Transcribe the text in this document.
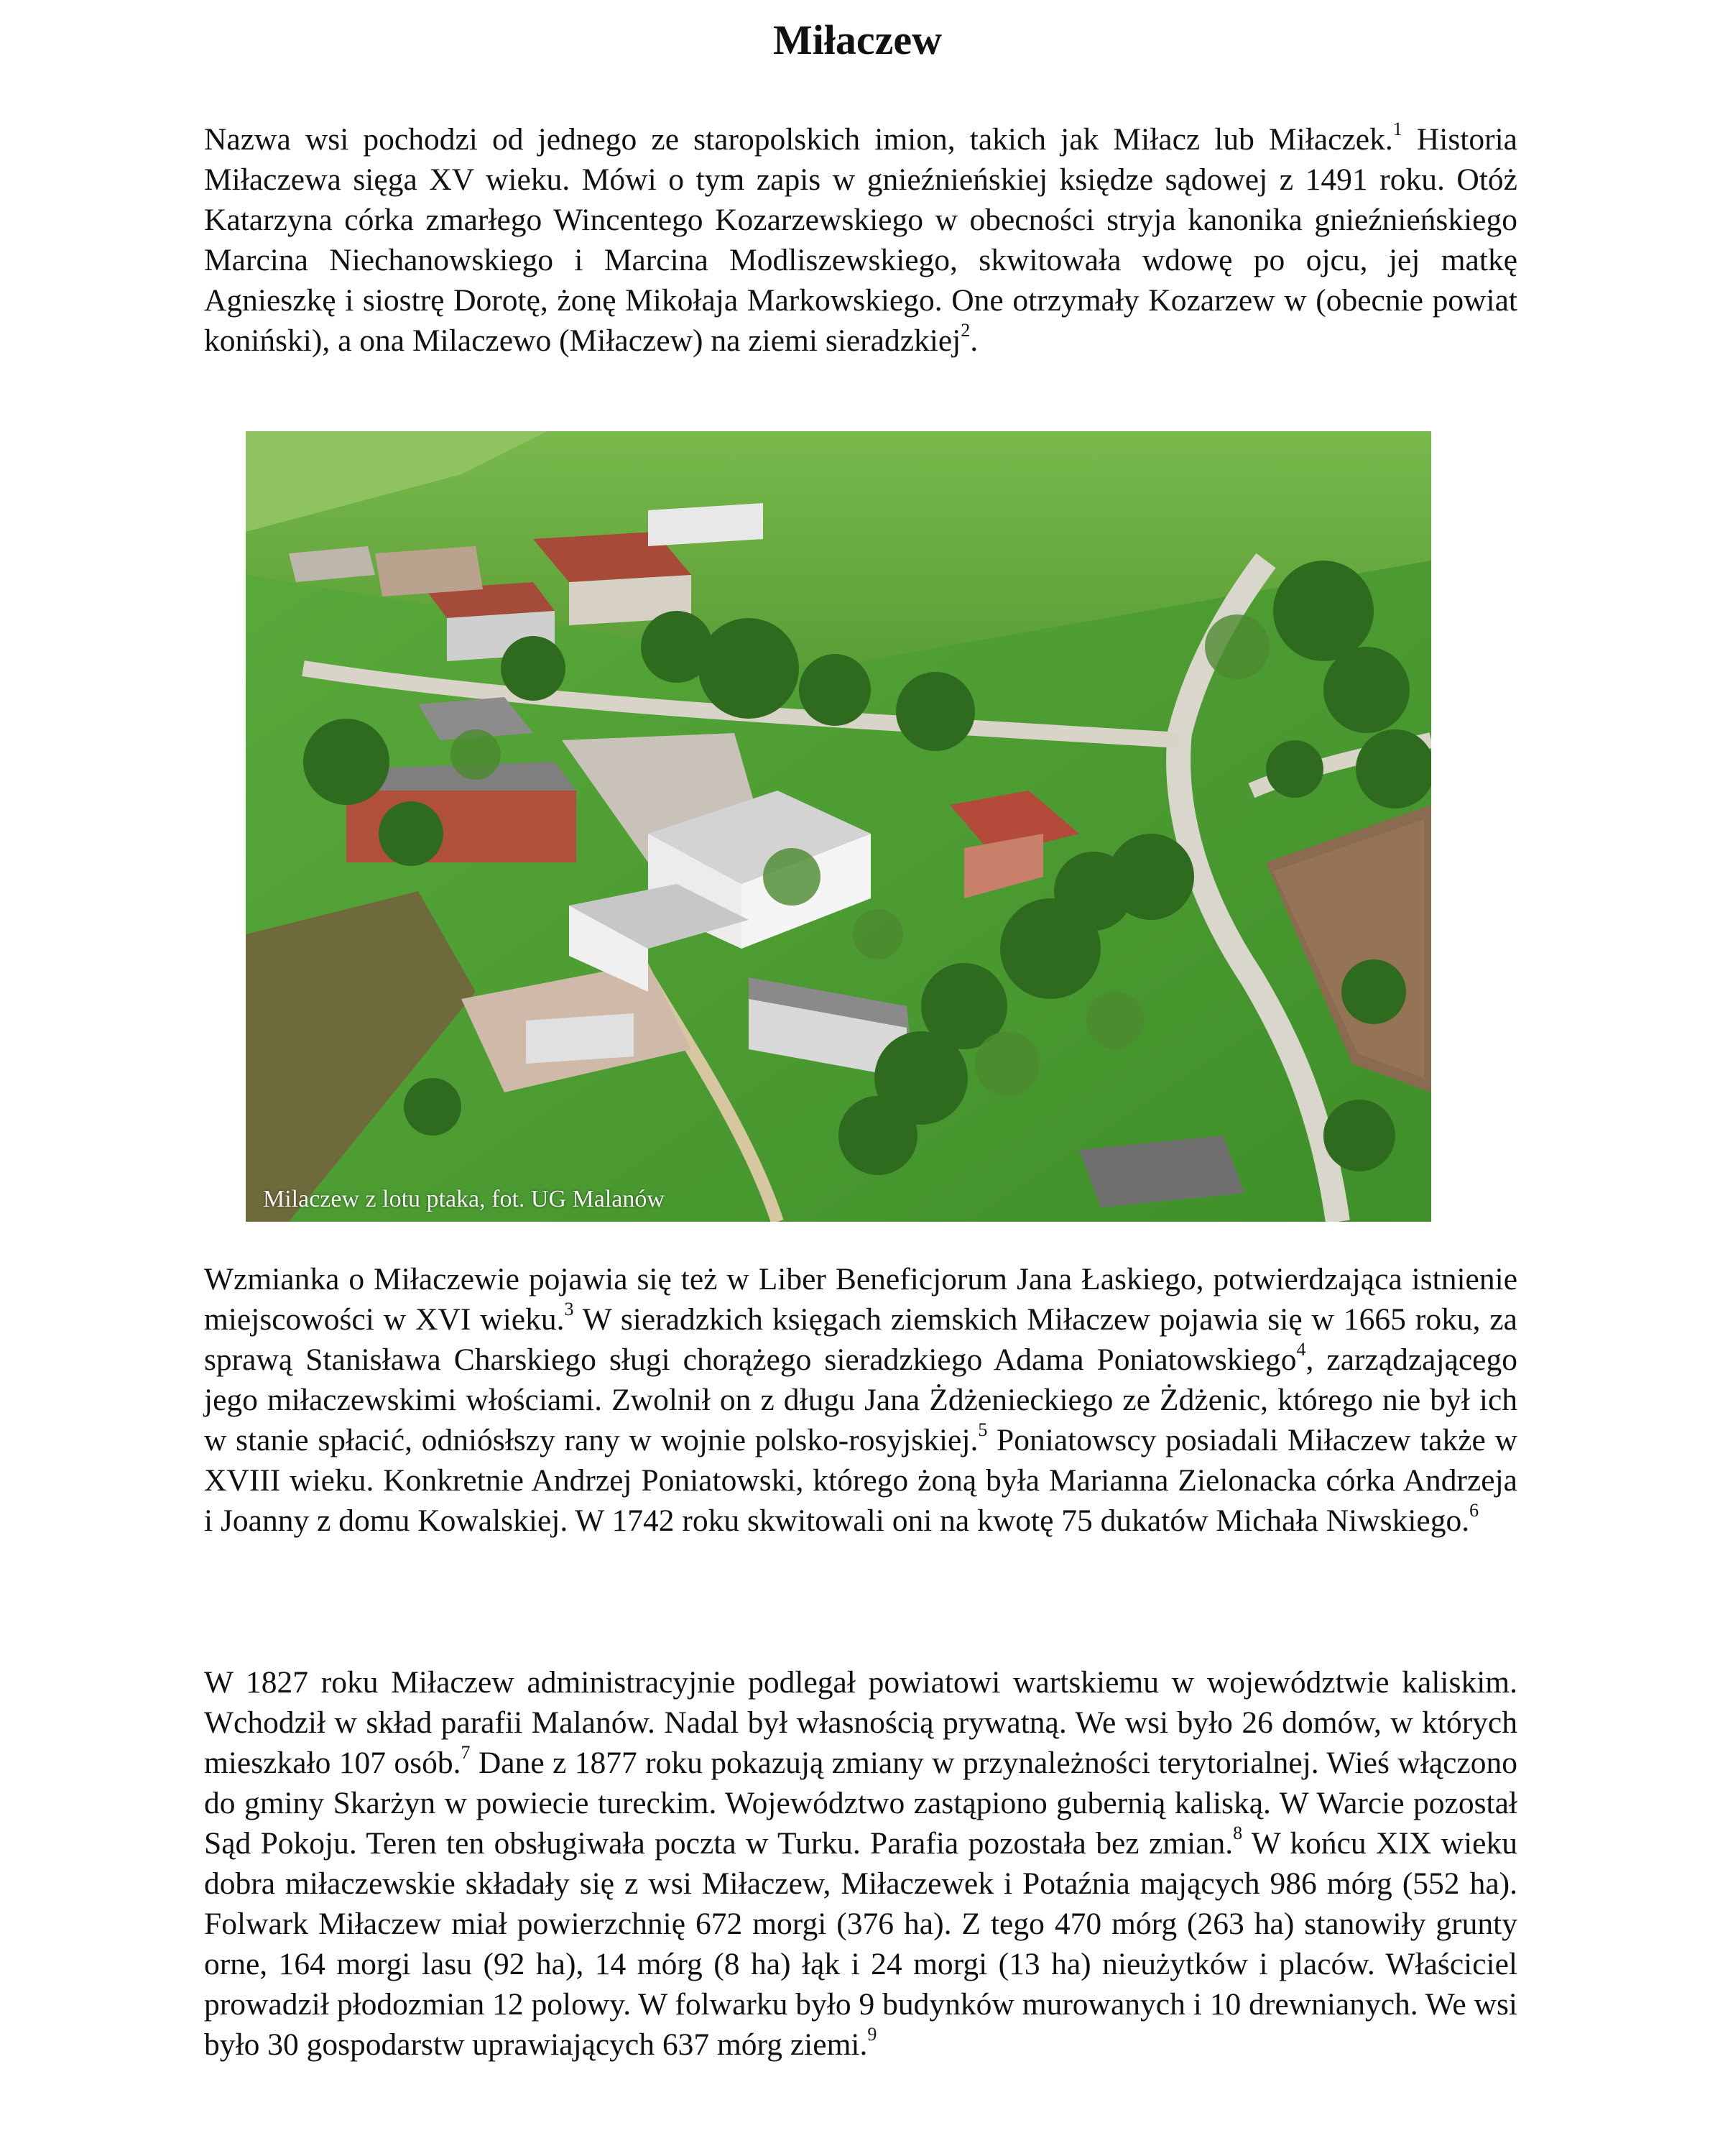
Miłaczew

Nazwa wsi pochodzi od jednego ze staropolskich imion, takich jak Miłacz lub Miłaczek.$^1$ Historia Miłaczewa sięga XV wieku. Mówi o tym zapis w gnieźnieńskiej księdze sądowej z 1491 roku. Otóż Katarzyna córka zmarłego Wincentego Kozarzewskiego w obecności stryja kanonika gnieźnieńskiego Marcina Niechanowskiego i Marcina Modliszewskiego, skwitowała wdowę po ojcu, jej matkę Agnieszkę i siostrę Dorotę, żonę Mikołaja Markowskiego. One otrzymały Kozarzew w (obecnie powiat koniński), a ona Milaczewo (Miłaczew) na ziemi sieradzkiej$^2$.

Milaczew z lotu ptaka, fot. UG Malanów

Wzmianka o Miłaczewie pojawia się też w Liber Beneficjorum Jana Łaskiego, potwierdzająca istnienie miejscowości w XVI wieku.$^3$ W sieradzkich księgach ziemskich Miłaczew pojawia się w 1665 roku, za sprawą Stanisława Charskiego sługi chorążego sieradzkiego Adama Poniatowskiego$^4$, zarządzającego jego miłaczewskimi włościami. Zwolnił on z długu Jana Żdżenieckiego ze Żdżenic, którego nie był ich w stanie spłacić, odniósłszy rany w wojnie polsko-rosyjskiej.$^5$ Poniatowscy posiadali Miłaczew także w XVIII wieku. Konkretnie Andrzej Poniatowski, którego żoną była Marianna Zielonacka córka Andrzeja i Joanny z domu Kowalskiej. W 1742 roku skwitowali oni na kwotę 75 dukatów Michała Niwskiego.$^6$

W 1827 roku Miłaczew administracyjnie podlegał powiatowi wartskiemu w województwie kaliskim. Wchodził w skład parafii Malanów. Nadal był własnością prywatną. We wsi było 26 domów, w których mieszkało 107 osób.$^7$ Dane z 1877 roku pokazują zmiany w przynależności terytorialnej. Wieś włączono do gminy Skarżyn w powiecie tureckim. Województwo zastąpiono gubernią kaliską. W Warcie pozostał Sąd Pokoju. Teren ten obsługiwała poczta w Turku. Parafia pozostała bez zmian.$^8$ W końcu XIX wieku dobra miłaczewskie składały się z wsi Miłaczew, Miłaczewek i Potaźnia mających 986 mórg (552 ha). Folwark Miłaczew miał powierzchnię 672 morgi (376 ha). Z tego 470 mórg (263 ha) stanowiły grunty orne, 164 morgi lasu (92 ha), 14 mórg (8 ha) łąk i 24 morgi (13 ha) nieużytków i placów. Właściciel prowadził płodozmian 12 polowy. W folwarku było 9 budynków murowanych i 10 drewnianych. We wsi było 30 gospodarstw uprawiających 637 mórg ziemi.$^9$
